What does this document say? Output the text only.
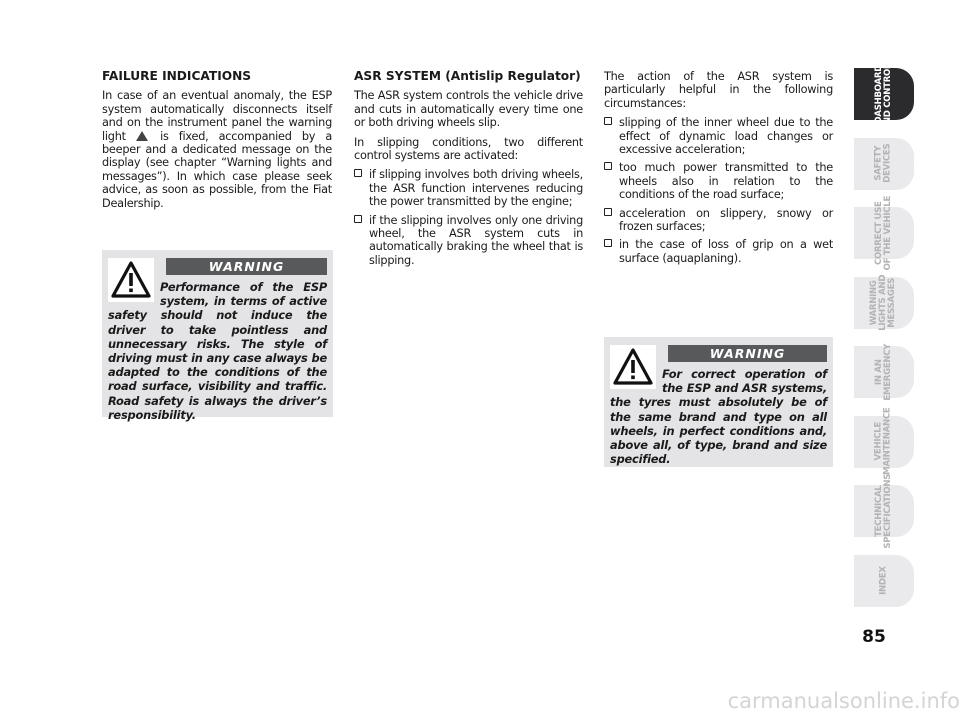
FAILURE INDICATIONS

In case of an eventual anomaly, the ESP system automatically disconnects itself and on the instrument panel the warning light  is fixed, accompanied by a beeper and a dedicated message on the display (see chapter “Warning lights and messages”). In which case please seek advice, as soon as possible, from the Fiat Dealership.

WARNING
Performance of the ESP system, in terms of active safety should not induce the driver to take pointless and unnecessary risks. The style of driving must in any case always be adapted to the conditions of the road surface, visibility and traffic. Road safety is always the driver’s responsibility.
ASR SYSTEM (Antislip Regulator)

The ASR system controls the vehicle drive and cuts in automatically every time one or both driving wheels slip.

In slipping conditions, two different control systems are activated:

if slipping involves both driving wheels, the ASR function intervenes reducing the power transmitted by the engine;
if the slipping involves only one driving wheel, the ASR system cuts in automatically braking the wheel that is slipping.

The action of the ASR system is particularly helpful in the following circumstances:

slipping of the inner wheel due to the effect of dynamic load changes or excessive acceleration;
too much power transmitted to the wheels also in relation to the conditions of the road surface;
acceleration on slippery, snowy or frozen surfaces;
in the case of loss of grip on a wet surface (aquaplaning).
WARNING
For correct operation of the ESP and ASR systems, the tyres must absolutely be of the same brand and type on all wheels, in perfect conditions and, above all, of type, brand and size specified.
DASHBOARD
AND CONTROLS
SAFETY
DEVICES
CORRECT USE
OF THE VEHICLE
WARNING
LIGHTS AND
MESSAGES
IN AN
EMERGENCY
VEHICLE
MAINTENANCE
TECHNICAL
SPECIFICATIONS
INDEX
85
carmanualsonline.info
